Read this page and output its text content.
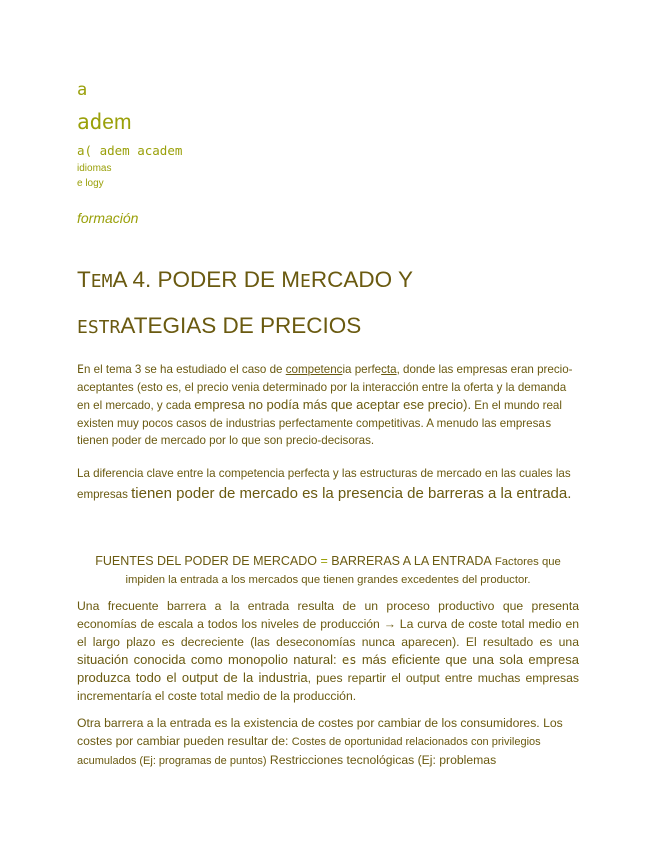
a
adem
a( adem academ
idiomas
e logy
formación
TEMA 4. PODER DE MERCADO Y
ESTRATEGIAS DE PRECIOS
En el tema 3 se ha estudiado el caso de competencia perfecta, donde las empresas eran precio-aceptantes (esto es, el precio venia determinado por la interacción entre la oferta y la demanda en el mercado, y cada empresa no podía más que aceptar ese precio). En el mundo real existen muy pocos casos de industrias perfectamente competitivas. A menudo las empresas tienen poder de mercado por lo que son precio-decisoras.
La diferencia clave entre la competencia perfecta y las estructuras de mercado en las cuales las empresas tienen poder de mercado es la presencia de barreras a la entrada.
FUENTES DEL PODER DE MERCADO = BARRERAS A LA ENTRADA Factores que impiden la entrada a los mercados que tienen grandes excedentes del productor.
Una frecuente barrera a la entrada resulta de un proceso productivo que presenta economías de escala a todos los niveles de producción → La curva de coste total medio en el largo plazo es decreciente (las deseconomías nunca aparecen). El resultado es una situación conocida como monopolio natural: es más eficiente que una sola empresa produzca todo el output de la industria, pues repartir el output entre muchas empresas incrementaría el coste total medio de la producción.
Otra barrera a la entrada es la existencia de costes por cambiar de los consumidores. Los costes por cambiar pueden resultar de: Costes de oportunidad relacionados con privilegios acumulados (Ej: programas de puntos) Restricciones tecnológicas (Ej: problemas
